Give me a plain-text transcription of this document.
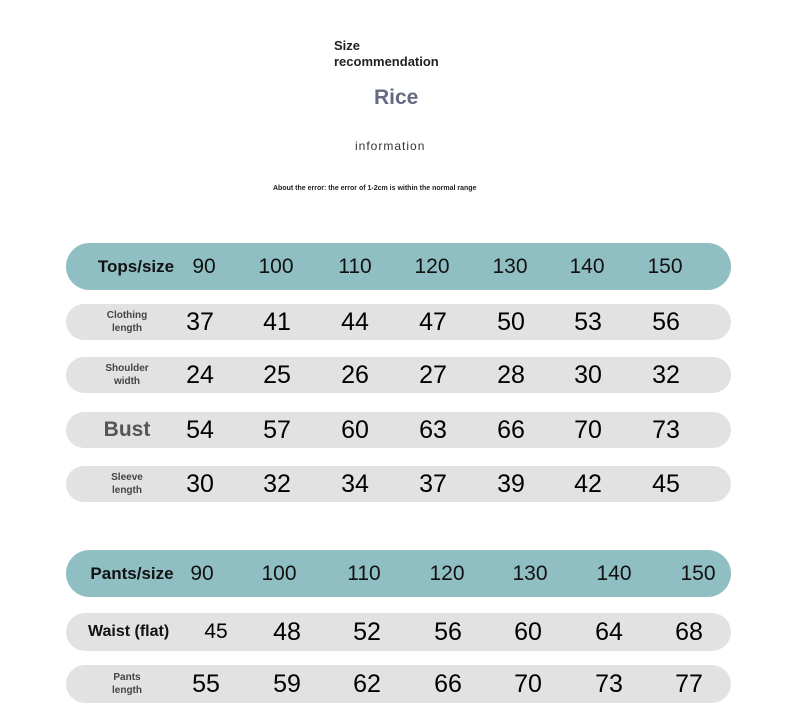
Size
recommendation
Rice
information
About the error: the error of 1-2cm is within the normal range
Tops/size 90	100	110	120	130	140	150
Clothing
length	37	41	44	47	50	53	56
Shoulder
width	24	25	26	27	28	30	32
Bust	54	57	60	63	66	70	73
Sleeve
length	30	32	34	37	39	42	45
Pants/size 90	100	110	120	130	140	150
Waist (flat)	45	48	52	56	60	64	68
Pants
length	55	59	62	66	70	73	77
